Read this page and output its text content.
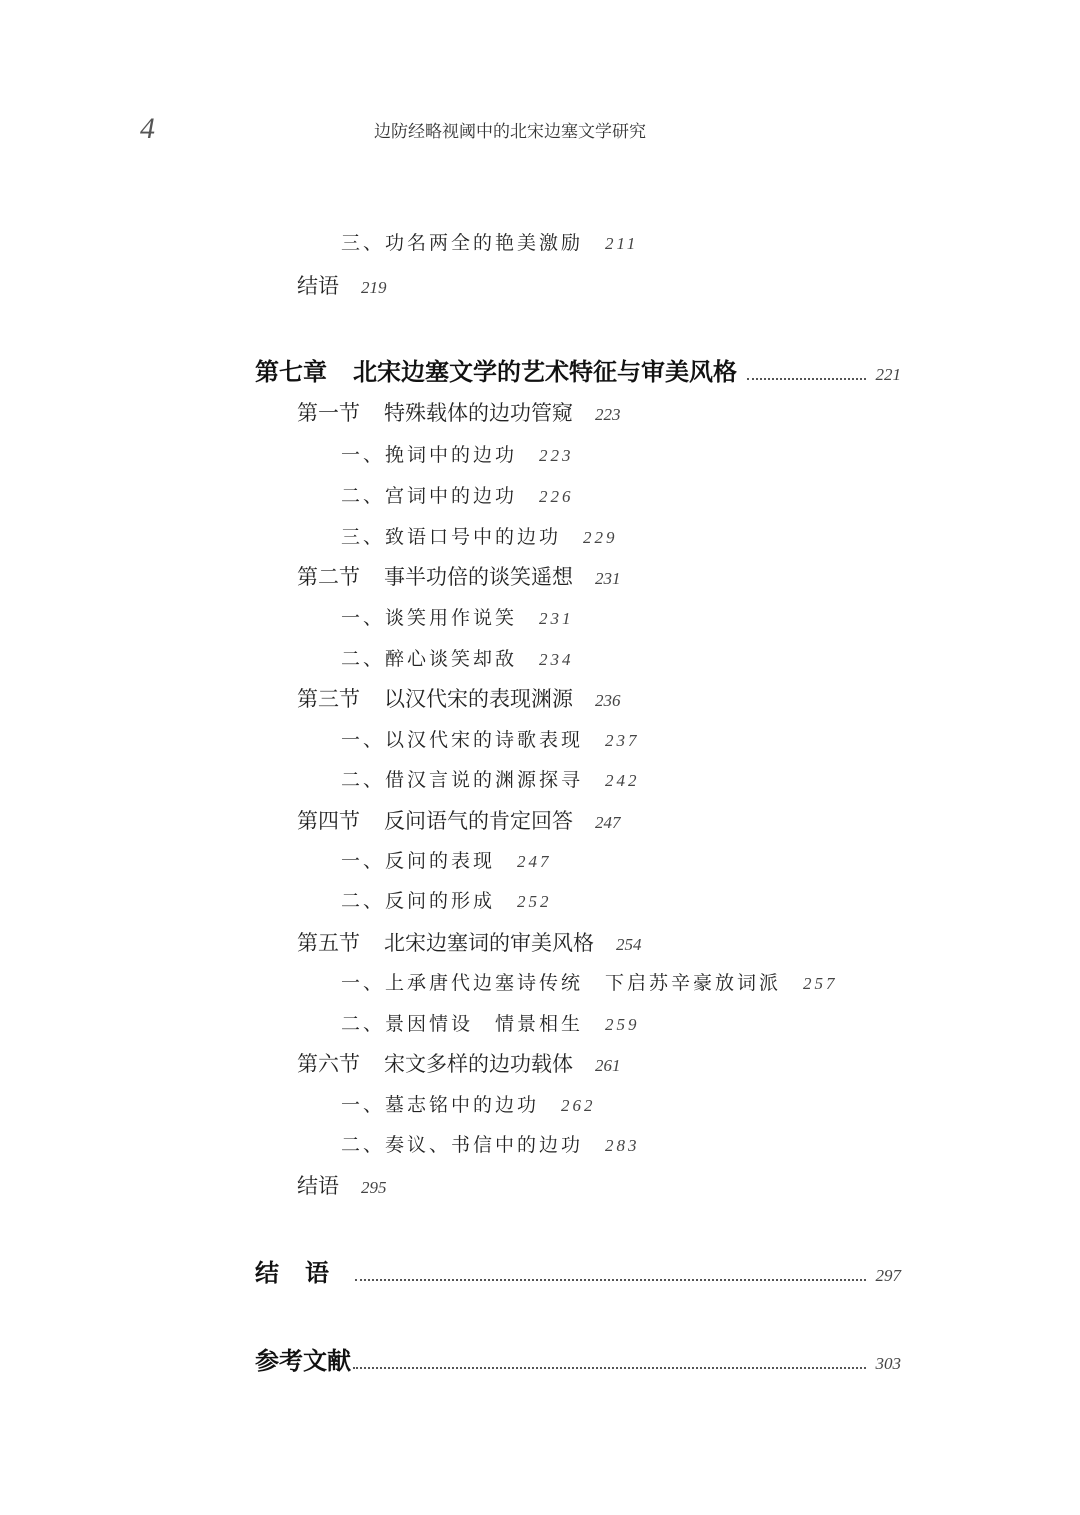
4	边防经略视阈中的北宋边塞文学研究
三、功名两全的艳美激励 211
结语 219
第七章 北宋边塞文学的艺术特征与审美风格	221
第一节 特殊载体的边功管窥 223
一、挽词中的边功 223
二、宫词中的边功 226
三、致语口号中的边功 229
第二节 事半功倍的谈笑遥想 231
一、谈笑用作说笑 231
二、醉心谈笑却敌 234
第三节 以汉代宋的表现渊源 236
一、以汉代宋的诗歌表现 237
二、借汉言说的渊源探寻 242
第四节 反问语气的肯定回答 247
一、反问的表现 247
二、反问的形成 252
第五节 北宋边塞词的审美风格 254
一、上承唐代边塞诗传统　下启苏辛豪放词派 257
二、景因情设　情景相生 259
第六节 宋文多样的边功载体 261
一、墓志铭中的边功 262
二、奏议、书信中的边功 283
结语 295
结语	297
参考文献	303
